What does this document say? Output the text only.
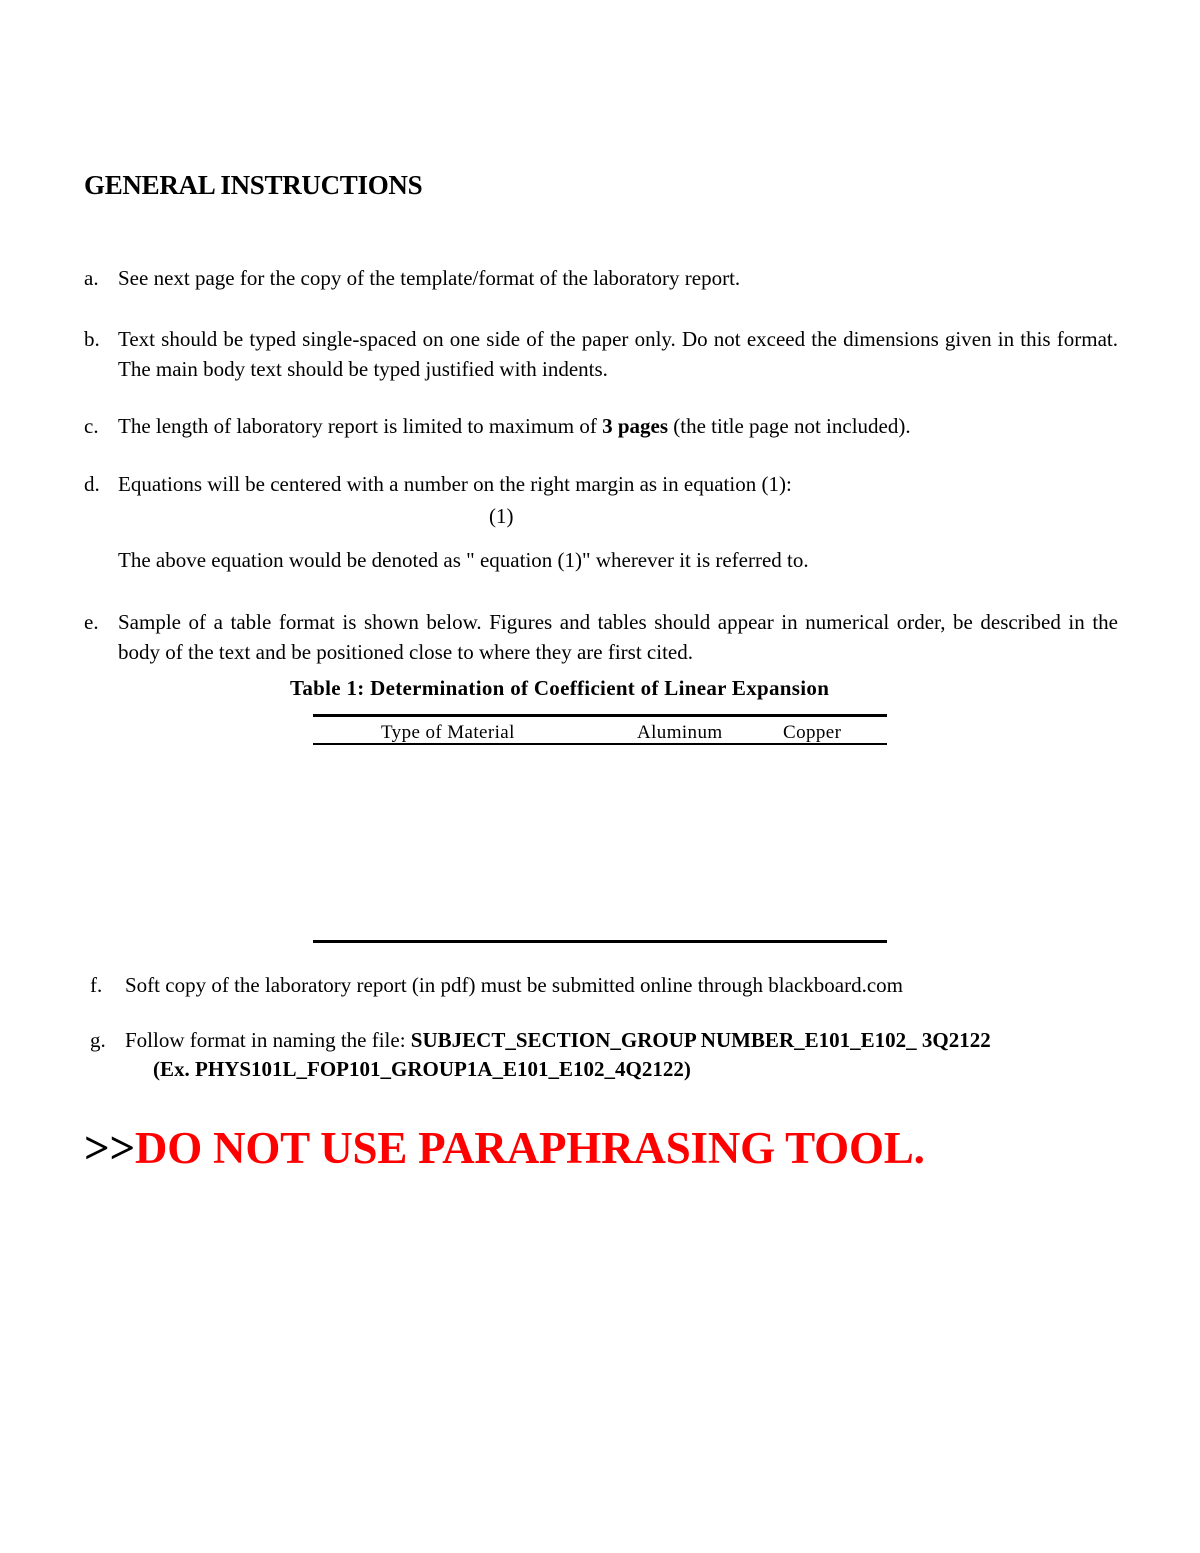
GENERAL INSTRUCTIONS
a. See next page for the copy of the template/format of the laboratory report.
b. Text should be typed single-spaced on one side of the paper only. Do not exceed the dimensions given in this format. The main body text should be typed justified with indents.
c. The length of laboratory report is limited to maximum of 3 pages (the title page not included).
d. Equations will be centered with a number on the right margin as in equation (1):
(1)
The above equation would be denoted as " equation (1)" wherever it is referred to.
e. Sample of a table format is shown below. Figures and tables should appear in numerical order, be described in the body of the text and be positioned close to where they are first cited.
Table 1: Determination of Coefficient of Linear Expansion
Type of Material	Aluminum	Copper
f. Soft copy of the laboratory report (in pdf) must be submitted online through blackboard.com
g. Follow format in naming the file: SUBJECT_SECTION_GROUP NUMBER_E101_E102_ 3Q2122
(Ex. PHYS101L_FOP101_GROUP1A_E101_E102_4Q2122)
>>DO NOT USE PARAPHRASING TOOL.
